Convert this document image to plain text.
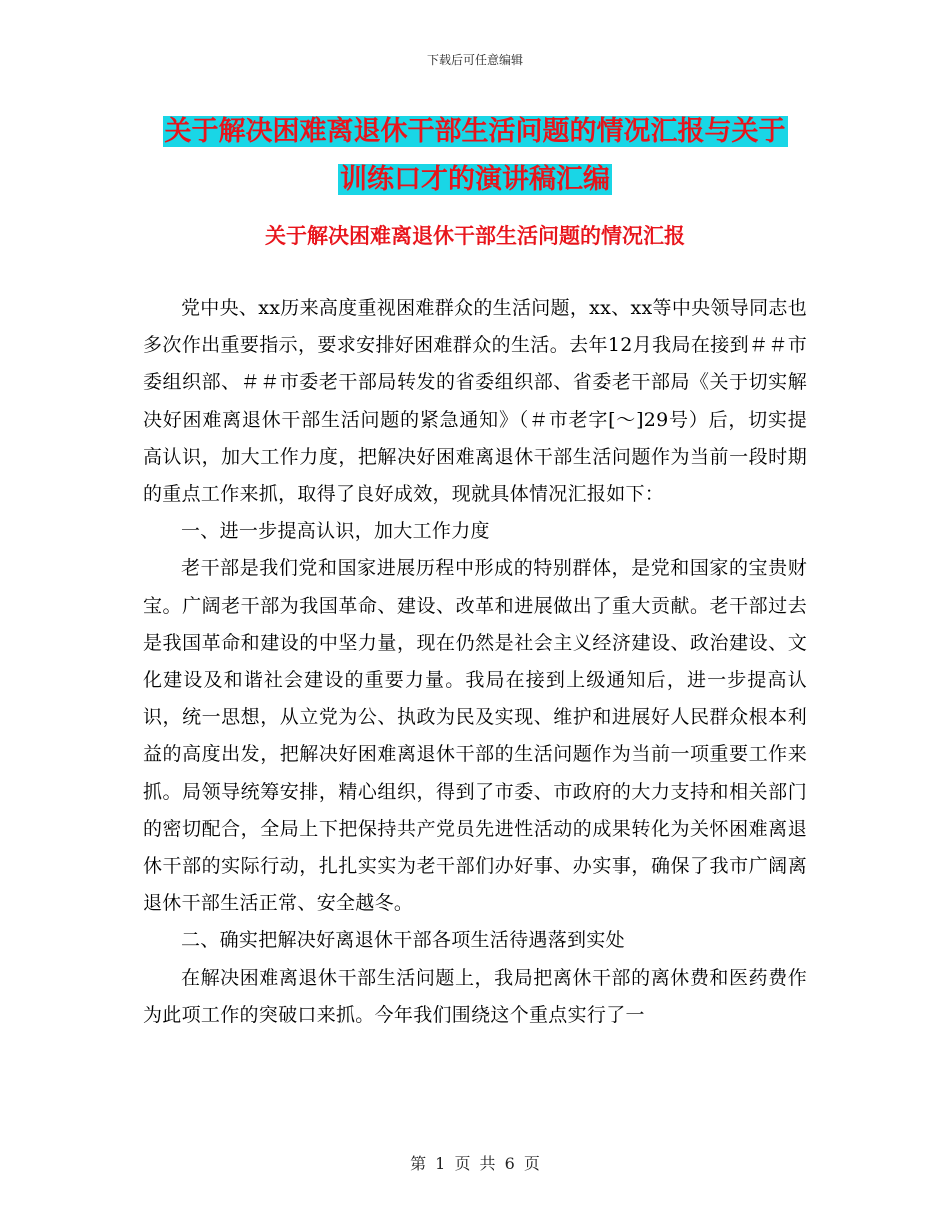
下载后可任意编辑
关于解决困难离退休干部生活问题的情况汇报与关于
训练口才的演讲稿汇编
关于解决困难离退休干部生活问题的情况汇报

党中央、xx历来高度重视困难群众的生活问题，xx、xx等中央领导同志也多次作出重要指示，要求安排好困难群众的生活。去年12月我局在接到＃＃市委组织部、＃＃市委老干部局转发的省委组织部、省委老干部局《关于切实解决好困难离退休干部生活问题的紧急通知》（＃市老字[～]29号）后，切实提高认识，加大工作力度，把解决好困难离退休干部生活问题作为当前一段时期的重点工作来抓，取得了良好成效，现就具体情况汇报如下：

一、进一步提高认识，加大工作力度

老干部是我们党和国家进展历程中形成的特别群体，是党和国家的宝贵财宝。广阔老干部为我国革命、建设、改革和进展做出了重大贡献。老干部过去是我国革命和建设的中坚力量，现在仍然是社会主义经济建设、政治建设、文化建设及和谐社会建设的重要力量。我局在接到上级通知后，进一步提高认识，统一思想，从立党为公、执政为民及实现、维护和进展好人民群众根本利益的高度出发，把解决好困难离退休干部的生活问题作为当前一项重要工作来抓。局领导统筹安排，精心组织，得到了市委、市政府的大力支持和相关部门的密切配合，全局上下把保持共产党员先进性活动的成果转化为关怀困难离退休干部的实际行动，扎扎实实为老干部们办好事、办实事，确保了我市广阔离退休干部生活正常、安全越冬。

二、确实把解决好离退休干部各项生活待遇落到实处

在解决困难离退休干部生活问题上，我局把离休干部的离休费和医药费作为此项工作的突破口来抓。今年我们围绕这个重点实行了一

第 1 页 共 6 页
